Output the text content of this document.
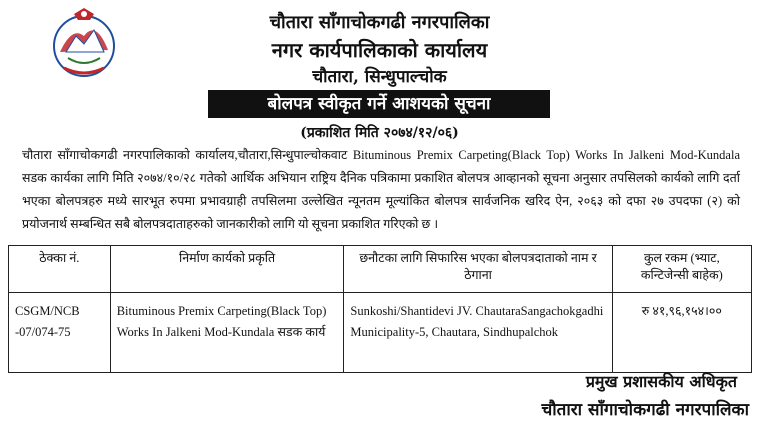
चौतारा साँगाचोकगढी नगरपालिका
नगर कार्यपालिकाको कार्यालय
चौतारा, सिन्धुपाल्चोक
बोलपत्र स्वीकृत गर्ने आशयको सूचना
(प्रकाशित मिति २०७४/१२/०६)
चौतारा साँगाचोकगढी नगरपालिकाको कार्यालय,चौतारा,सिन्धुपाल्चोकवाट Bituminous Premix Carpeting(Black Top) Works In Jalkeni Mod-Kundala सडक कार्यका लागि मिति २०७४/१०/२८ गतेको आर्थिक अभियान राष्ट्रिय दैनिक पत्रिकामा प्रकाशित बोलपत्र आव्हानको सूचना अनुसार तपसिलको कार्यको लागि दर्ता भएका बोलपत्रहरु मध्ये सारभूत रुपमा प्रभावग्राही तपसिलमा उल्लेखित न्यूनतम मूल्यांकित बोलपत्र सार्वजनिक खरिद ऐन, २०६३ को दफा २७ उपदफा (२) को प्रयोजनार्थ सम्बन्धित सबै बोलपत्रदाताहरुको जानकारीको लागि यो सूचना प्रकाशित गरिएको छ ।
ठेक्का नं.	निर्माण कार्यको प्रकृति	छनौटका लागि सिफारिस भएका बोलपत्रदाताको नाम र ठेगाना	कुल रकम (भ्याट, कन्टिजेन्सी बाहेक)
CSGM/NCB -07/074-75	Bituminous Premix Carpeting(Black Top) Works In Jalkeni Mod-Kundala सडक कार्य	Sunkoshi/Shantidevi JV. ChautaraSangachokgadhi Municipality-5, Chautara, Sindhupalchok	रु ४१,९६,१५४।००
प्रमुख प्रशासकीय अधिकृत
चौतारा साँगाचोकगढी नगरपालिका
